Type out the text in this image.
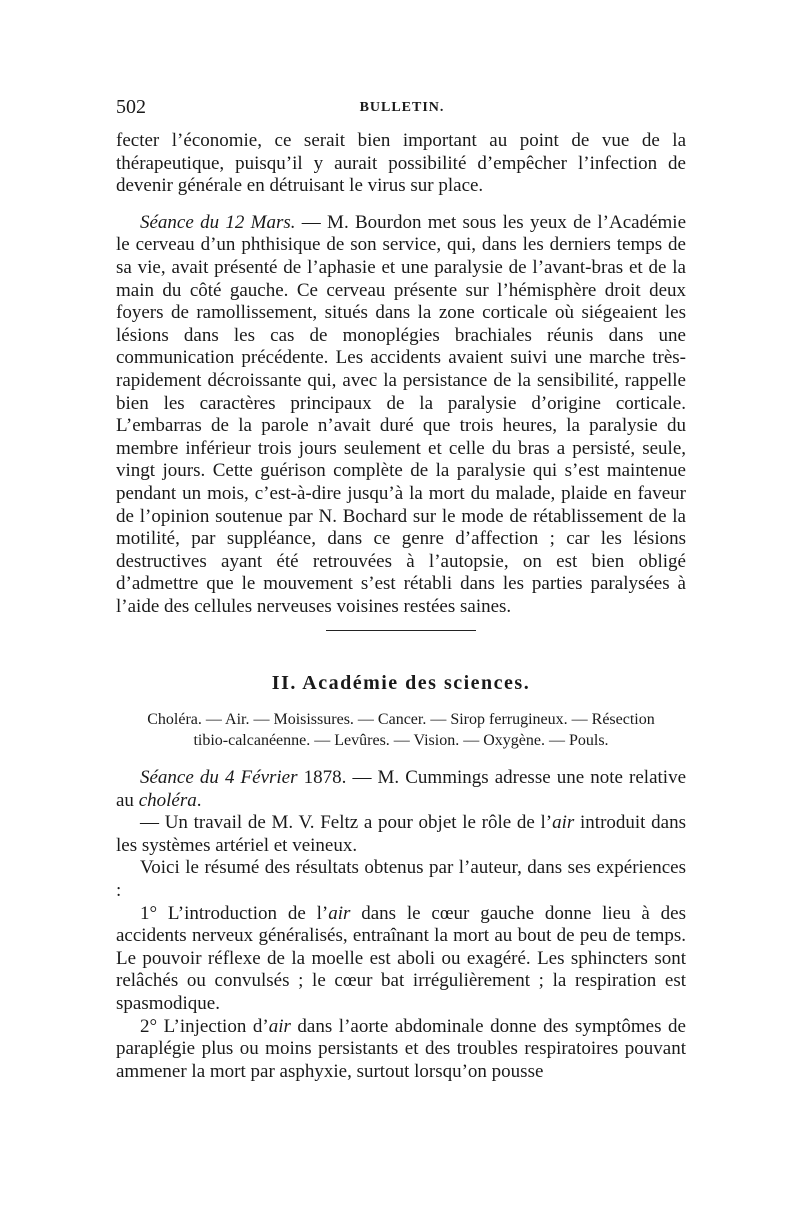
502	BULLETIN.

fecter l’économie, ce serait bien important au point de vue de la thérapeutique, puisqu’il y aurait possibilité d’empêcher l’infection de devenir générale en détruisant le virus sur place.

Séance du 12 Mars. — M. Bourdon met sous les yeux de l’Académie le cerveau d’un phthisique de son service, qui, dans les derniers temps de sa vie, avait présenté de l’aphasie et une paralysie de l’avant-bras et de la main du côté gauche. Ce cerveau présente sur l’hémisphère droit deux foyers de ramollissement, situés dans la zone corticale où siégeaient les lésions dans les cas de monoplégies brachiales réunis dans une communication précédente. Les accidents avaient suivi une marche très-rapidement décroissante qui, avec la persistance de la sensibilité, rappelle bien les caractères principaux de la paralysie d’origine corticale. L’embarras de la parole n’avait duré que trois heures, la paralysie du membre inférieur trois jours seulement et celle du bras a persisté, seule, vingt jours. Cette guérison complète de la paralysie qui s’est maintenue pendant un mois, c’est-à-dire jusqu’à la mort du malade, plaide en faveur de l’opinion soutenue par N. Bochard sur le mode de rétablissement de la motilité, par suppléance, dans ce genre d’affection ; car les lésions destructives ayant été retrouvées à l’autopsie, on est bien obligé d’admettre que le mouvement s’est rétabli dans les parties paralysées à l’aide des cellules nerveuses voisines restées saines.

II. Académie des sciences.
Choléra. — Air. — Moisissures. — Cancer. — Sirop ferrugineux. — Résection
tibio-calcanéenne. — Levûres. — Vision. — Oxygène. — Pouls.

Séance du 4 Février 1878. — M. Cummings adresse une note relative au choléra.

— Un travail de M. V. Feltz a pour objet le rôle de l’air introduit dans les systèmes artériel et veineux.

Voici le résumé des résultats obtenus par l’auteur, dans ses expériences :

1° L’introduction de l’air dans le cœur gauche donne lieu à des accidents nerveux généralisés, entraînant la mort au bout de peu de temps. Le pouvoir réflexe de la moelle est aboli ou exagéré. Les sphincters sont relâchés ou convulsés ; le cœur bat irrégulièrement ; la respiration est spasmodique.

2° L’injection d’air dans l’aorte abdominale donne des symptômes de paraplégie plus ou moins persistants et des troubles respiratoires pouvant ammener la mort par asphyxie, surtout lorsqu’on pousse
